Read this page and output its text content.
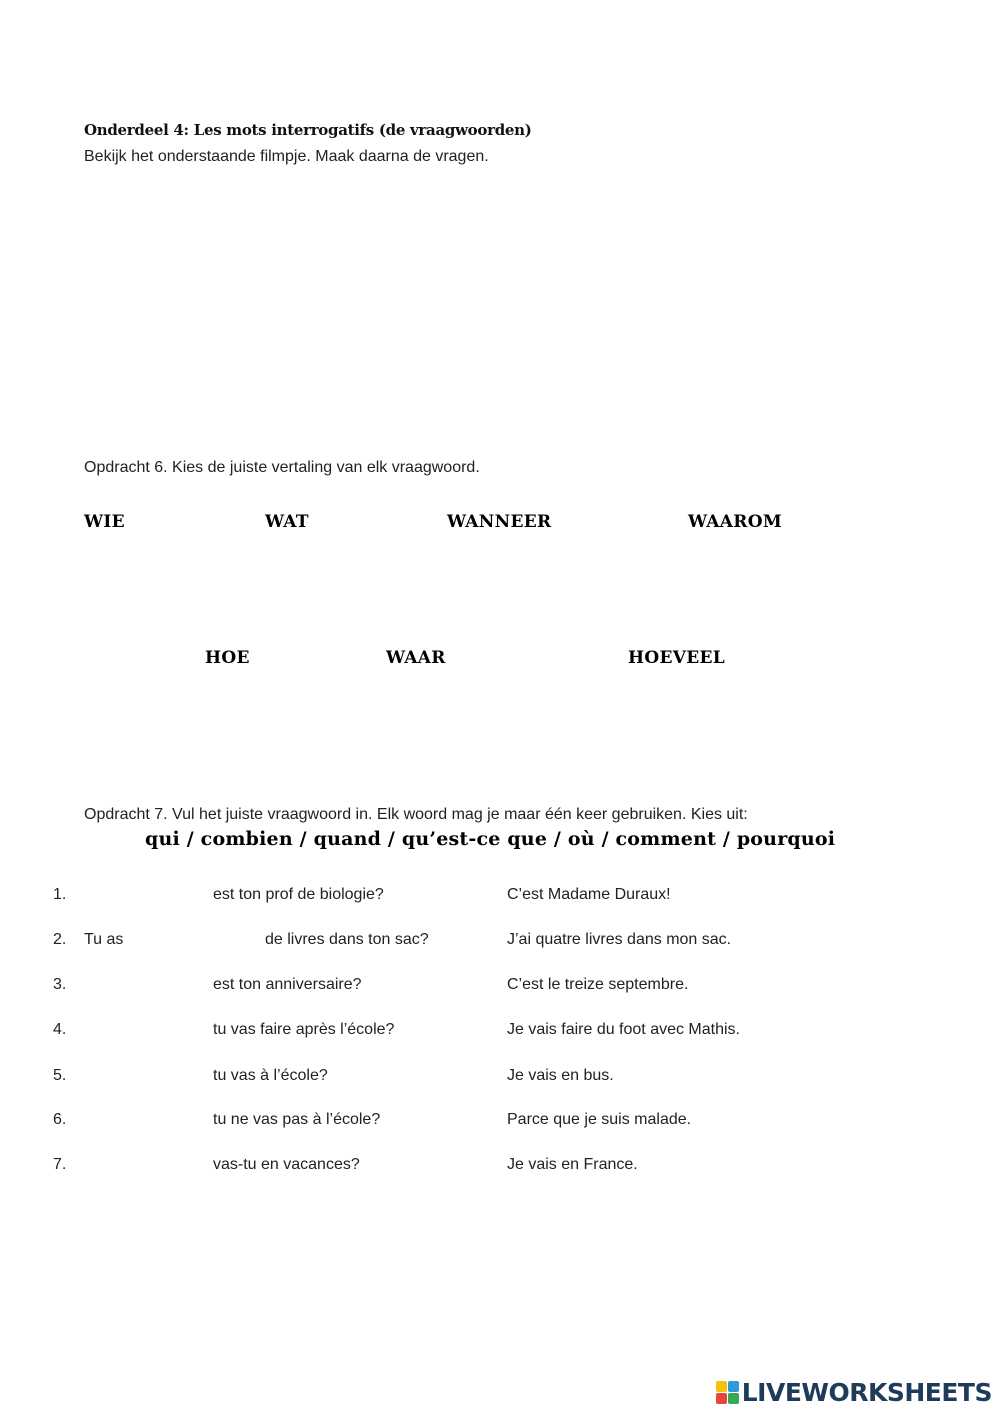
Onderdeel 4: Les mots interrogatifs (de vraagwoorden)
Bekijk het onderstaande filmpje. Maak daarna de vragen.
Opdracht 6. Kies de juiste vertaling van elk vraagwoord.
WIE	WAT	WANNEER	WAAROM
HOE	WAAR	HOEVEEL
Opdracht 7. Vul het juiste vraagwoord in. Elk woord mag je maar één keer gebruiken. Kies uit:
qui / combien / quand / qu’est-ce que / où / comment / pourquoi
1.	est ton prof de biologie?	C’est Madame Duraux!
2. Tu as	de livres dans ton sac?	J’ai quatre livres dans mon sac.
3.	est ton anniversaire?	C’est le treize septembre.
4.	tu vas faire après l’école?	Je vais faire du foot avec Mathis.
5.	tu vas à l’école?	Je vais en bus.
6.	tu ne vas pas à l’école?	Parce que je suis malade.
7.	vas-tu en vacances?	Je vais en France.
LIVEWORKSHEETS
